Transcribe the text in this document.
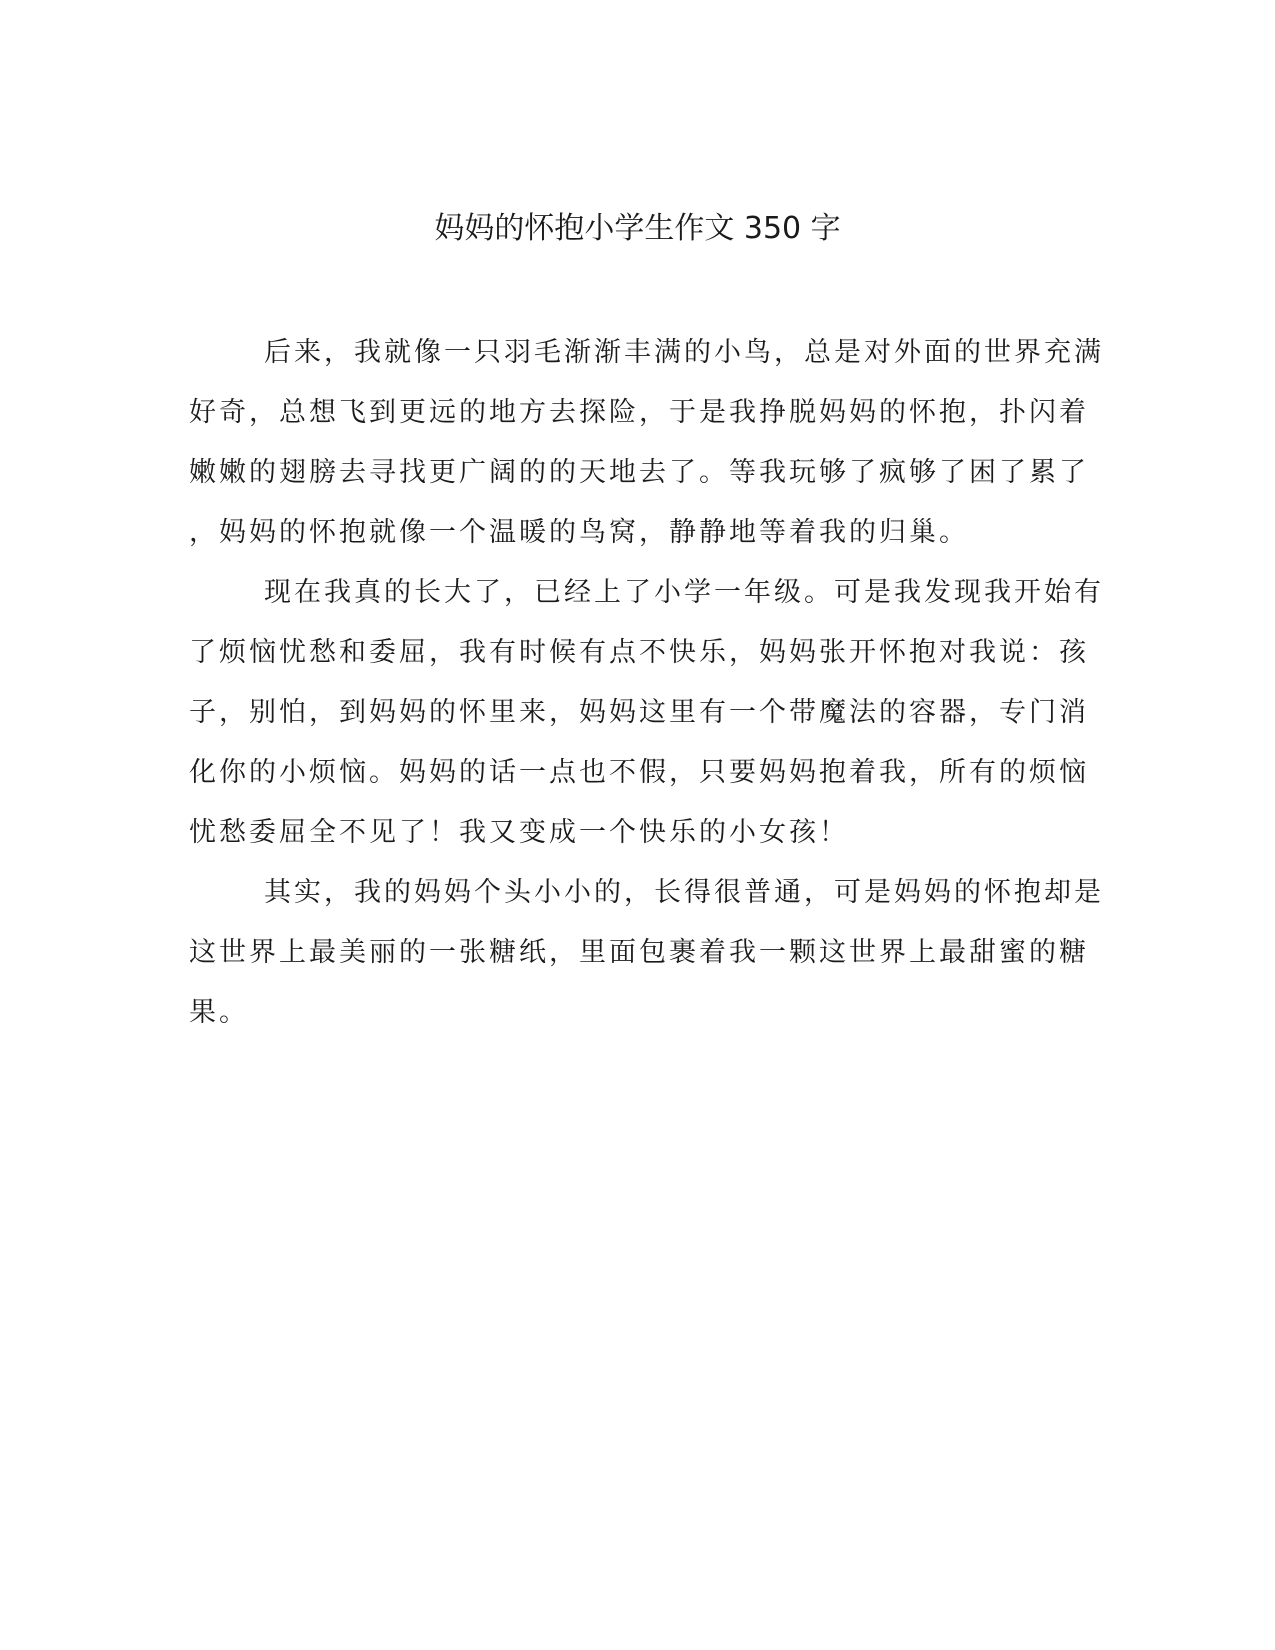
妈妈的怀抱小学生作文 350 字
后来，我就像一只羽毛渐渐丰满的小鸟，总是对外面的世界充满
好奇，总想飞到更远的地方去探险，于是我挣脱妈妈的怀抱，扑闪着
嫩嫩的翅膀去寻找更广阔的的天地去了。等我玩够了疯够了困了累了
，妈妈的怀抱就像一个温暖的鸟窝，静静地等着我的归巢。
现在我真的长大了，已经上了小学一年级。可是我发现我开始有
了烦恼忧愁和委屈，我有时候有点不快乐，妈妈张开怀抱对我说：孩
子，别怕，到妈妈的怀里来，妈妈这里有一个带魔法的容器，专门消
化你的小烦恼。妈妈的话一点也不假，只要妈妈抱着我，所有的烦恼
忧愁委屈全不见了！我又变成一个快乐的小女孩！
其实，我的妈妈个头小小的，长得很普通，可是妈妈的怀抱却是
这世界上最美丽的一张糖纸，里面包裹着我一颗这世界上最甜蜜的糖
果。
